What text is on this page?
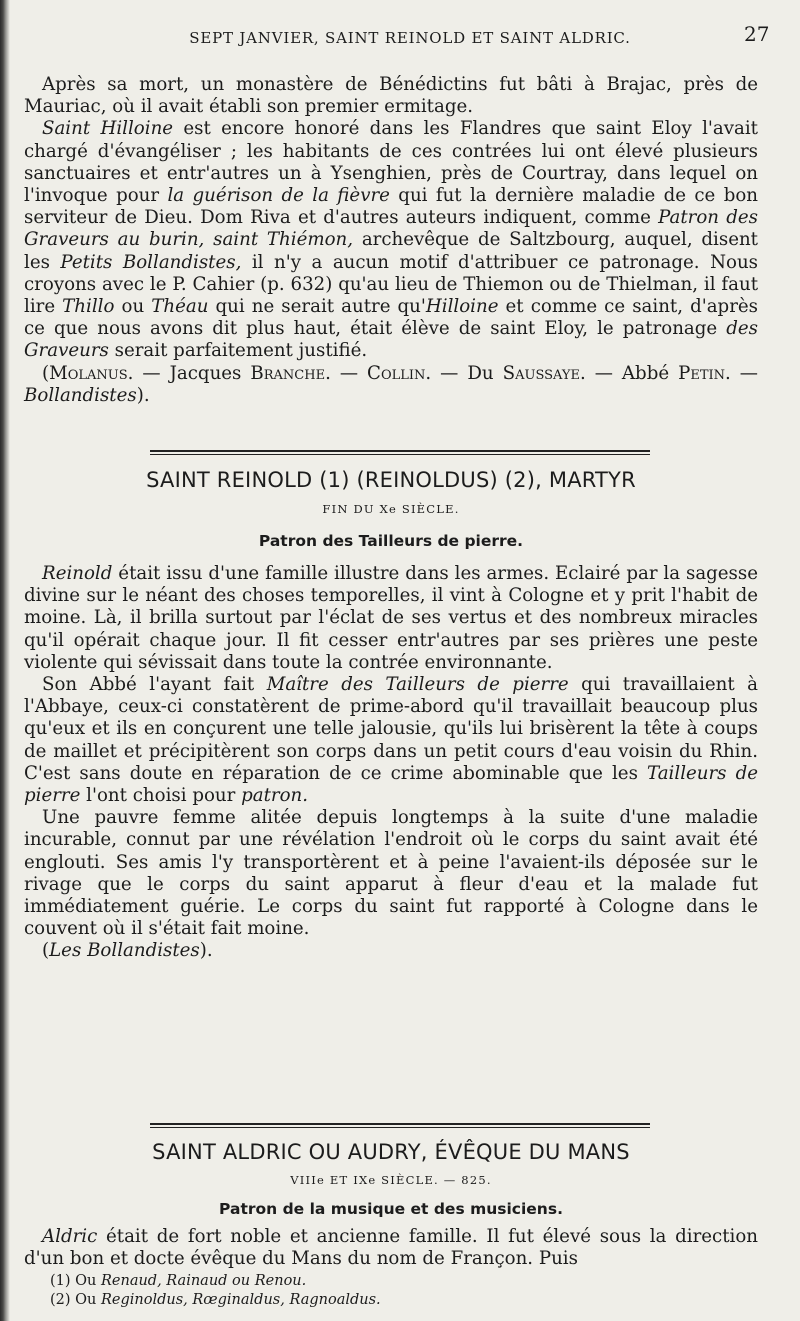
SEPT JANVIER, SAINT REINOLD ET SAINT ALDRIC.	27

Après sa mort, un monastère de Bénédictins fut bâti à Brajac, près de Mauriac, où il avait établi son premier ermitage.

Saint Hilloine est encore honoré dans les Flandres que saint Eloy l'avait chargé d'évangéliser ; les habitants de ces contrées lui ont élevé plusieurs sanctuaires et entr'autres un à Ysenghien, près de Courtray, dans lequel on l'invoque pour la guérison de la fièvre qui fut la dernière maladie de ce bon serviteur de Dieu. Dom Riva et d'autres auteurs indiquent, comme Patron des Graveurs au burin, saint Thiémon, archevêque de Saltzbourg, auquel, disent les Petits Bollandistes, il n'y a aucun motif d'attribuer ce patronage. Nous croyons avec le P. Cahier (p. 632) qu'au lieu de Thiemon ou de Thielman, il faut lire Thillo ou Théau qui ne serait autre qu'Hilloine et comme ce saint, d'après ce que nous avons dit plus haut, était élève de saint Eloy, le patronage des Graveurs serait parfaitement justifié.

(Molanus. — Jacques Branche. — Collin. — Du Saussaye. — Abbé Petin. — Bollandistes).

SAINT REINOLD (1) (REINOLDUS) (2), MARTYR
FIN DU Xe SIÈCLE.
Patron des Tailleurs de pierre.

Reinold était issu d'une famille illustre dans les armes. Eclairé par la sagesse divine sur le néant des choses temporelles, il vint à Cologne et y prit l'habit de moine. Là, il brilla surtout par l'éclat de ses vertus et des nombreux miracles qu'il opérait chaque jour. Il fit cesser entr'autres par ses prières une peste violente qui sévissait dans toute la contrée environnante.

Son Abbé l'ayant fait Maître des Tailleurs de pierre qui travaillaient à l'Abbaye, ceux-ci constatèrent de prime-abord qu'il travaillait beaucoup plus qu'eux et ils en conçurent une telle jalousie, qu'ils lui brisèrent la tête à coups de maillet et précipitèrent son corps dans un petit cours d'eau voisin du Rhin. C'est sans doute en réparation de ce crime abominable que les Tailleurs de pierre l'ont choisi pour patron.

Une pauvre femme alitée depuis longtemps à la suite d'une maladie incurable, connut par une révélation l'endroit où le corps du saint avait été englouti. Ses amis l'y transportèrent et à peine l'avaient-ils déposée sur le rivage que le corps du saint apparut à fleur d'eau et la malade fut immédiatement guérie. Le corps du saint fut rapporté à Cologne dans le couvent où il s'était fait moine.

(Les Bollandistes).

SAINT ALDRIC OU AUDRY, ÉVÊQUE DU MANS
VIIIe ET IXe SIÈCLE. — 825.
Patron de la musique et des musiciens.

Aldric était de fort noble et ancienne famille. Il fut élevé sous la direction d'un bon et docte évêque du Mans du nom de Françon. Puis

(1) Ou Renaud, Rainaud ou Renou.

(2) Ou Reginoldus, Rœginaldus, Ragnoaldus.
